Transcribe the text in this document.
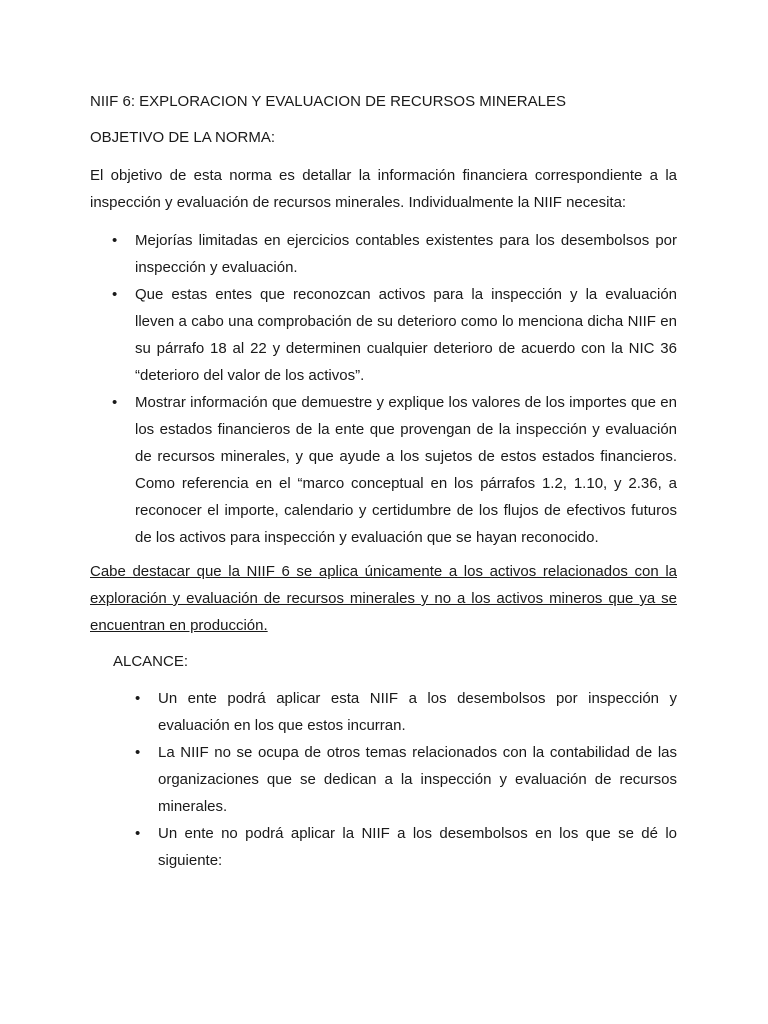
NIIF 6: EXPLORACION Y EVALUACION DE RECURSOS MINERALES
OBJETIVO DE LA NORMA:

El objetivo de esta norma es detallar la información financiera correspondiente a la inspección y evaluación de recursos minerales. Individualmente la NIIF necesita:

• Mejorías limitadas en ejercicios contables existentes para los desembolsos por inspección y evaluación.
• Que estas entes que reconozcan activos para la inspección y la evaluación lleven a cabo una comprobación de su deterioro como lo menciona dicha NIIF en su párrafo 18 al 22 y determinen cualquier deterioro de acuerdo con la NIC 36 “deterioro del valor de los activos”.
• Mostrar información que demuestre y explique los valores de los importes que en los estados financieros de la ente que provengan de la inspección y evaluación de recursos minerales, y que ayude a los sujetos de estos estados financieros. Como referencia en el “marco conceptual en los párrafos 1.2, 1.10, y 2.36, a reconocer el importe, calendario y certidumbre de los flujos de efectivos futuros de los activos para inspección y evaluación que se hayan reconocido.

Cabe destacar que la NIIF 6 se aplica únicamente a los activos relacionados con la exploración y evaluación de recursos minerales y no a los activos mineros que ya se encuentran en producción.

ALCANCE:
• Un ente podrá aplicar esta NIIF a los desembolsos por inspección y evaluación en los que estos incurran.
• La NIIF no se ocupa de otros temas relacionados con la contabilidad de las organizaciones que se dedican a la inspección y evaluación de recursos minerales.
• Un ente no podrá aplicar la NIIF a los desembolsos en los que se dé lo siguiente:
